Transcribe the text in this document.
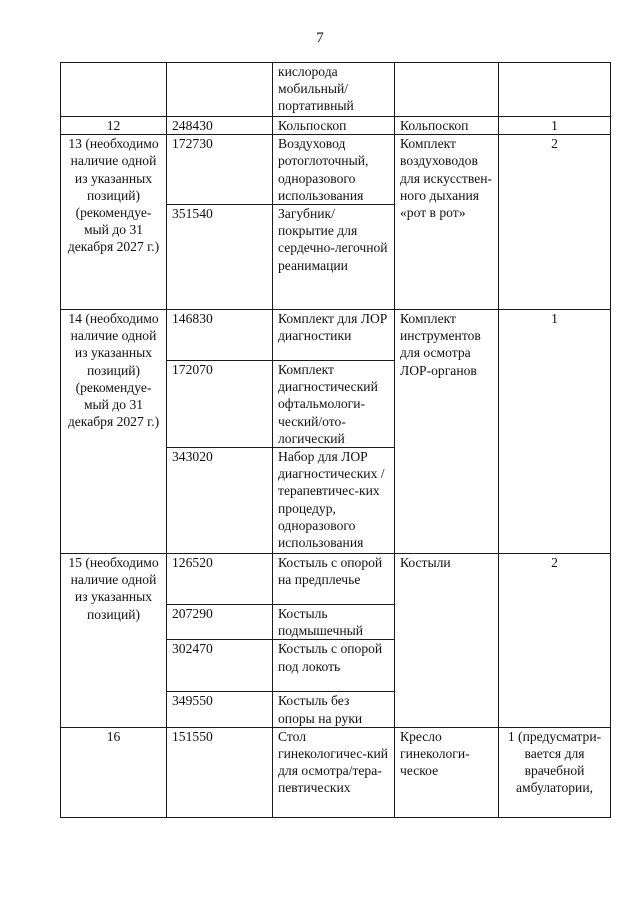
7
		кислорода мобильный/ портативный		
12	248430	Кольпоскоп	Кольпоскоп	1
13 (необходимо наличие одной из указанных позиций) (рекомендуе-мый до 31 декабря 2027 г.)	172730	Воздуховод ротоглоточный, одноразового использования	Комплект воздуховодов для искусствен-ного дыхания «рот в рот»	2
	351540	Загубник/покрытие для сердечно-легочной реанимации		
14 (необходимо наличие одной из указанных позиций) (рекомендуе-мый до 31 декабря 2027 г.)	146830	Комплект для ЛОР диагностики	Комплект инструментов для осмотра ЛОР-органов	1
	172070	Комплект диагностический офтальмологи-ческий/ото-логический		
	343020	Набор для ЛОР диагностических /терапевтичес-ких процедур, одноразового использования		
15 (необходимо наличие одной из указанных позиций)	126520	Костыль с опорой на предплечье	Костыли	2
	207290	Костыль подмышечный		
	302470	Костыль с опорой под локоть		
	349550	Костыль без опоры на руки		
16	151550	Стол гинекологичес-кий для осмотра/тера-певтических	Кресло гинекологи-ческое	1 (предусматри-вается для врачебной амбулатории,
